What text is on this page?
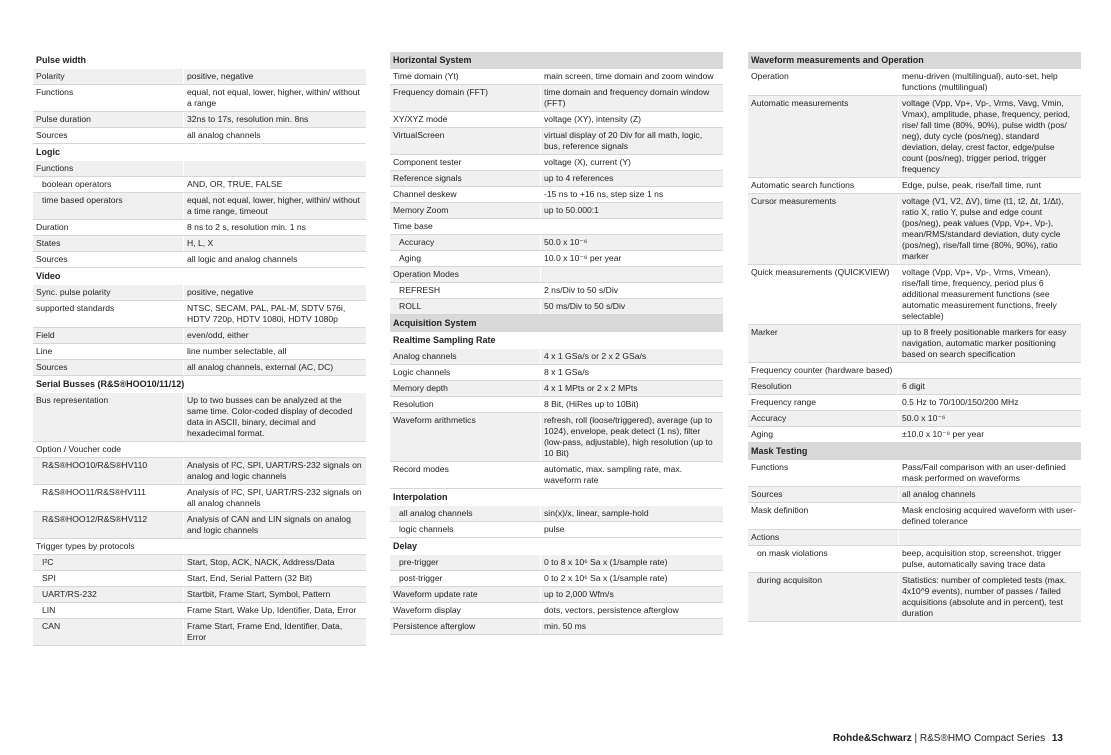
Pulse width
Polarity	positive, negative
Functions	equal, not equal, lower, higher, within/ without a range
Pulse duration	32ns to 17s, resolution min. 8ns
Sources	all analog channels
Logic
Functions
boolean operators	AND, OR, TRUE, FALSE
time based operators	equal, not equal, lower, higher, within/ without a time range, timeout
Duration	8 ns to 2 s, resolution min. 1 ns
States	H, L, X
Sources	all logic and analog channels
Video
Sync. pulse polarity	positive, negative
supported standards	NTSC, SECAM, PAL, PAL-M, SDTV 576i, HDTV 720p, HDTV 1080i, HDTV 1080p
Field	even/odd, either
Line	line number selectable, all
Sources	all analog channels, external (AC, DC)
Serial Busses (R&S®HOO10/11/12)
Bus representation	Up to two busses can be analyzed at the same time. Color-coded display of decoded data in ASCII, binary, decimal and hexadecimal format.
Option / Voucher code
R&S®HOO10/R&S®HV110	Analysis of I²C, SPI, UART/RS-232 signals on analog and logic channels
R&S®HOO11/R&S®HV111	Analysis of I²C, SPI, UART/RS-232 signals on all analog channels
R&S®HOO12/R&S®HV112	Analysis of CAN and LIN signals on analog and logic channels
Trigger types by protocols
I²C	Start, Stop, ACK, NACK, Address/Data
SPI	Start, End, Serial Pattern (32 Bit)
UART/RS-232	Startbit, Frame Start, Symbol, Pattern
LIN	Frame Start, Wake Up, Identifier, Data, Error
CAN	Frame Start, Frame End, Identifier, Data, Error
Horizontal System
Time domain (Yt)	main screen, time domain and zoom window
Frequency domain (FFT)	time domain and frequency domain window (FFT)
XY/XYZ mode	voltage (XY), intensity (Z)
VirtualScreen	virtual display of 20 Div for all math, logic, bus, reference signals
Component tester	voltage (X), current (Y)
Reference signals	up to 4 references
Channel deskew	-15 ns to +16 ns, step size 1 ns
Memory Zoom	up to 50.000:1
Time base
Accuracy	50.0 x 10⁻⁶
Aging	10.0 x 10⁻⁶ per year
Operation Modes
REFRESH	2 ns/Div to 50 s/Div
ROLL	50 ms/Div to 50 s/Div
Acquisition System
Realtime Sampling Rate
Analog channels	4 x 1 GSa/s or 2 x 2 GSa/s
Logic channels	8 x 1 GSa/s
Memory depth	4 x 1 MPts or 2 x 2 MPts
Resolution	8 Bit, (HiRes up to 10Bit)
Waveform arithmetics	refresh, roll (loose/triggered), average (up to 1024), envelope, peak detect (1 ns), filter (low-pass, adjustable), high resolution (up to 10 Bit)
Record modes	automatic, max. sampling rate, max. waveform rate
Interpolation
all analog channels	sin(x)/x, linear, sample-hold
logic channels	pulse
Delay
pre-trigger	0 to 8 x 10⁶ Sa x (1/sample rate)
post-trigger	0 to 2 x 10⁶ Sa x (1/sample rate)
Waveform update rate	up to 2,000 Wfm/s
Waveform display	dots, vectors, persistence afterglow
Persistence afterglow	min. 50 ms
Waveform measurements and Operation
Operation	menu-driven (multilingual), auto-set, help functions (multilingual)
Automatic measurements	voltage (Vpp, Vp+, Vp-, Vrms, Vavg, Vmin, Vmax), amplitude, phase, frequency, period, rise/ fall time (80%, 90%), pulse width (pos/ neg), duty cycle (pos/neg), standard deviation, delay, crest factor, edge/pulse count (pos/neg), trigger period, trigger frequency
Automatic search functions	Edge, pulse, peak, rise/fall time, runt
Cursor measurements	voltage (V1, V2, ΔV), time (t1, t2, Δt, 1/Δt), ratio X, ratio Y, pulse and edge count (pos/neg), peak values (Vpp, Vp+, Vp-), mean/RMS/standard deviation, duty cycle (pos/neg), rise/fall time (80%, 90%), ratio marker
Quick measurements (QUICKVIEW)	voltage (Vpp, Vp+, Vp-, Vrms, Vmean), rise/fall time, frequency, period plus 6 additional measurement functions (see automatic measurement functions, freely selectable)
Marker	up to 8 freely positionable markers for easy navigation, automatic marker positioning based on search specification
Frequency counter (hardware based)
Resolution	6 digit
Frequency range	0.5 Hz to 70/100/150/200 MHz
Accuracy	50.0 x 10⁻⁶
Aging	±10.0 x 10⁻⁶ per year
Mask Testing
Functions	Pass/Fail comparison with an user-definied mask performed on waveforms
Sources	all analog channels
Mask definition	Mask enclosing acquired waveform with user-defined tolerance
Actions
on mask violations	beep, acquisition stop, screenshot, trigger pulse, automatically saving trace data
during acquisiton	Statistics: number of completed tests (max. 4x10^9 events), number of passes / failed acquisitions (absolute and in percent), test duration
Rohde&Schwarz | R&S®HMO Compact Series 13
